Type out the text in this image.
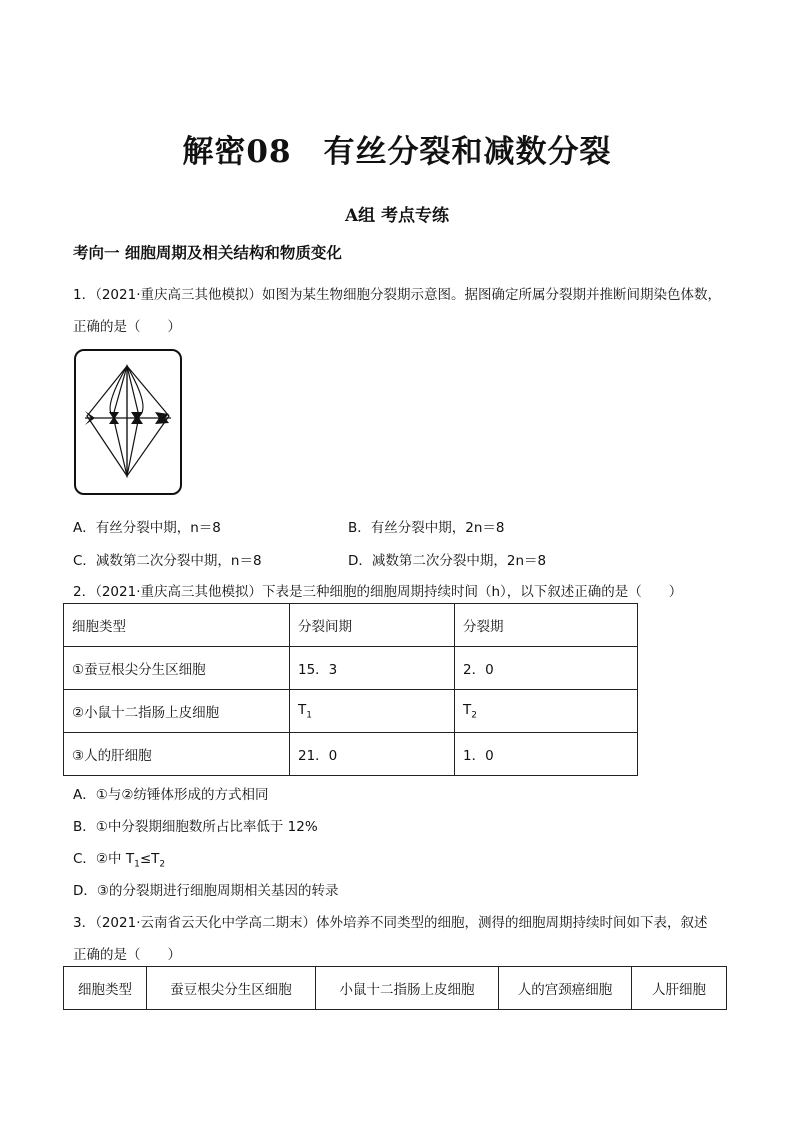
解密08　有丝分裂和减数分裂
A组 考点专练
考向一 细胞周期及相关结构和物质变化
1．（2021·重庆高三其他模拟）如图为某生物细胞分裂期示意图。据图确定所属分裂期并推断间期染色体数，
正确的是（　　）
A．有丝分裂中期，n＝8	B．有丝分裂中期，2n＝8
C．减数第二次分裂中期，n＝8	D．减数第二次分裂中期，2n＝8
2．（2021·重庆高三其他模拟）下表是三种细胞的细胞周期持续时间（h），以下叙述正确的是（　　）
细胞类型	分裂间期	分裂期
①蚕豆根尖分生区细胞	15．3	2．0
②小鼠十二指肠上皮细胞	$T_1$	$T_2$
③人的肝细胞	21．0	1．0
A．①与②纺锤体形成的方式相同
B．①中分裂期细胞数所占比率低于 12%
C．②中 $T_1\le T_2$
D．③的分裂期进行细胞周期相关基因的转录
3．（2021·云南省云天化中学高二期末）体外培养不同类型的细胞，测得的细胞周期持续时间如下表，叙述
正确的是（　　）
细胞类型	蚕豆根尖分生区细胞	小鼠十二指肠上皮细胞	人的宫颈癌细胞	人肝细胞
